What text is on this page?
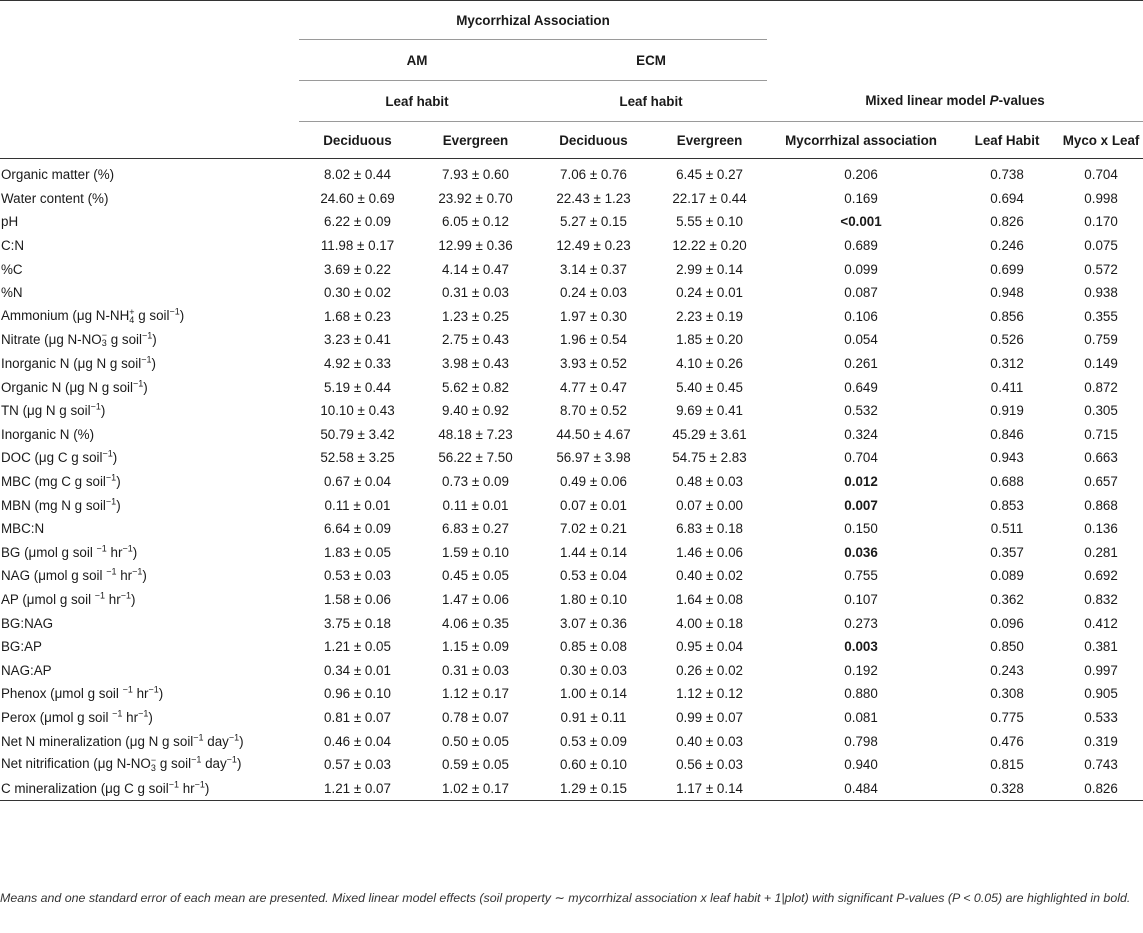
	Mycorrhizal Association						
	AM		ECM				
	Leaf habit		Leaf habit		Mixed linear model P-values		
	Deciduous	Evergreen	Deciduous	Evergreen	Mycorrhizal association	Leaf Habit	Myco x Leaf
Organic matter (%)	8.02 ± 0.44	7.93 ± 0.60	7.06 ± 0.76	6.45 ± 0.27	0.206	0.738	0.704
Water content (%)	24.60 ± 0.69	23.92 ± 0.70	22.43 ± 1.23	22.17 ± 0.44	0.169	0.694	0.998
pH	6.22 ± 0.09	6.05 ± 0.12	5.27 ± 0.15	5.55 ± 0.10	<0.001	0.826	0.170
C:N	11.98 ± 0.17	12.99 ± 0.36	12.49 ± 0.23	12.22 ± 0.20	0.689	0.246	0.075
%C	3.69 ± 0.22	4.14 ± 0.47	3.14 ± 0.37	2.99 ± 0.14	0.099	0.699	0.572
%N	0.30 ± 0.02	0.31 ± 0.03	0.24 ± 0.03	0.24 ± 0.01	0.087	0.948	0.938
Ammonium (μg N-NH +
4 g soil$^{-1}$)	1.68 ± 0.23	1.23 ± 0.25	1.97 ± 0.30	2.23 ± 0.19	0.106	0.856	0.355
Nitrate (μg N-NO −
3 g soil$^{-1}$)	3.23 ± 0.41	2.75 ± 0.43	1.96 ± 0.54	1.85 ± 0.20	0.054	0.526	0.759
Inorganic N (μg N g soil$^{-1}$)	4.92 ± 0.33	3.98 ± 0.43	3.93 ± 0.52	4.10 ± 0.26	0.261	0.312	0.149
Organic N (μg N g soil$^{-1}$)	5.19 ± 0.44	5.62 ± 0.82	4.77 ± 0.47	5.40 ± 0.45	0.649	0.411	0.872
TN (μg N g soil$^{-1}$)	10.10 ± 0.43	9.40 ± 0.92	8.70 ± 0.52	9.69 ± 0.41	0.532	0.919	0.305
Inorganic N (%)	50.79 ± 3.42	48.18 ± 7.23	44.50 ± 4.67	45.29 ± 3.61	0.324	0.846	0.715
DOC (μg C g soil$^{-1}$)	52.58 ± 3.25	56.22 ± 7.50	56.97 ± 3.98	54.75 ± 2.83	0.704	0.943	0.663
MBC (mg C g soil$^{-1}$)	0.67 ± 0.04	0.73 ± 0.09	0.49 ± 0.06	0.48 ± 0.03	0.012	0.688	0.657
MBN (mg N g soil$^{-1}$)	0.11 ± 0.01	0.11 ± 0.01	0.07 ± 0.01	0.07 ± 0.00	0.007	0.853	0.868
MBC:N	6.64 ± 0.09	6.83 ± 0.27	7.02 ± 0.21	6.83 ± 0.18	0.150	0.511	0.136
BG (μmol g soil $^{-1}$ $hr^{-1}$)	1.83 ± 0.05	1.59 ± 0.10	1.44 ± 0.14	1.46 ± 0.06	0.036	0.357	0.281
NAG (μmol g soil $^{-1}$ $hr^{-1}$)	0.53 ± 0.03	0.45 ± 0.05	0.53 ± 0.04	0.40 ± 0.02	0.755	0.089	0.692
AP (μmol g soil $^{-1}$ $hr^{-1}$)	1.58 ± 0.06	1.47 ± 0.06	1.80 ± 0.10	1.64 ± 0.08	0.107	0.362	0.832
BG:NAG	3.75 ± 0.18	4.06 ± 0.35	3.07 ± 0.36	4.00 ± 0.18	0.273	0.096	0.412
BG:AP	1.21 ± 0.05	1.15 ± 0.09	0.85 ± 0.08	0.95 ± 0.04	0.003	0.850	0.381
NAG:AP	0.34 ± 0.01	0.31 ± 0.03	0.30 ± 0.03	0.26 ± 0.02	0.192	0.243	0.997
Phenox (μmol g soil $^{-1}$ $hr^{-1}$)	0.96 ± 0.10	1.12 ± 0.17	1.00 ± 0.14	1.12 ± 0.12	0.880	0.308	0.905
Perox (μmol g soil $^{-1}$ $hr^{-1}$)	0.81 ± 0.07	0.78 ± 0.07	0.91 ± 0.11	0.99 ± 0.07	0.081	0.775	0.533
Net N mineralization (μg N g soil$^{-1}$ day$^{-1}$)	0.46 ± 0.04	0.50 ± 0.05	0.53 ± 0.09	0.40 ± 0.03	0.798	0.476	0.319
Net nitrification (μg N-NO −
3 g soil$^{-1}$ day$^{-1}$)	0.57 ± 0.03	0.59 ± 0.05	0.60 ± 0.10	0.56 ± 0.03	0.940	0.815	0.743
C mineralization (μg C g soil$^{-1}$ $hr^{-1}$)	1.21 ± 0.07	1.02 ± 0.17	1.29 ± 0.15	1.17 ± 0.14	0.484	0.328	0.826
Means and one standard error of each mean are presented. Mixed linear model effects (soil property ∼ mycorrhizal association x leaf habit + 1|plot) with significant P-values (P < 0.05) are highlighted in bold.
